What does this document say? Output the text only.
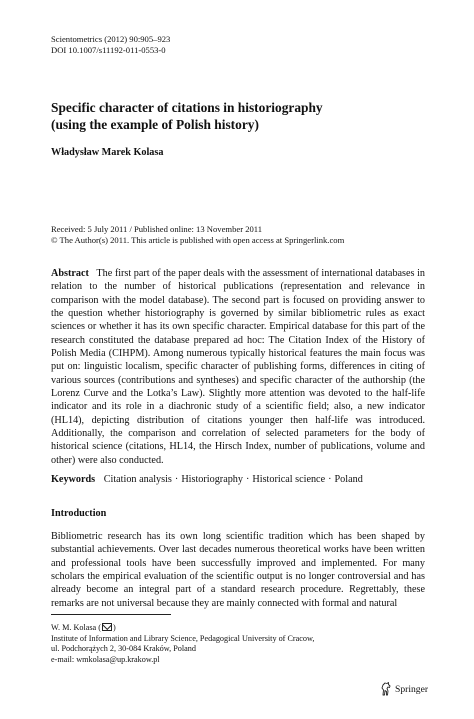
Scientometrics (2012) 90:905–923
DOI 10.1007/s11192-011-0553-0
Specific character of citations in historiography
(using the example of Polish history)
Władysław Marek Kolasa
Received: 5 July 2011 / Published online: 13 November 2011
© The Author(s) 2011. This article is published with open access at Springerlink.com
Abstract The first part of the paper deals with the assessment of international databases in relation to the number of historical publications (representation and relevance in comparison with the model database). The second part is focused on providing answer to the question whether historiography is governed by similar bibliometric rules as exact sciences or whether it has its own specific character. Empirical database for this part of the research constituted the database prepared ad hoc: The Citation Index of the History of Polish Media (CIHPM). Among numerous typically historical features the main focus was put on: linguistic localism, specific character of publishing forms, differences in citing of various sources (contributions and syntheses) and specific character of the authorship (the Lorenz Curve and the Lotka’s Law). Slightly more attention was devoted to the half-life indicator and its role in a diachronic study of a scientific field; also, a new indicator (HL14), depicting distribution of citations younger then half-life was introduced. Additionally, the comparison and correlation of selected parameters for the body of historical science (citations, HL14, the Hirsch Index, number of publications, volume and other) were also conducted.
Keywords Citation analysis · Historiography · Historical science · Poland
Introduction
Bibliometric research has its own long scientific tradition which has been shaped by substantial achievements. Over last decades numerous theoretical works have been written and professional tools have been successfully improved and implemented. For many scholars the empirical evaluation of the scientific output is no longer controversial and has already become an integral part of a standard research procedure. Regrettably, these remarks are not universal because they are mainly connected with formal and natural
W. M. Kolasa ( )
Institute of Information and Library Science, Pedagogical University of Cracow,
ul. Podchorążych 2, 30-084 Kraków, Poland
e-mail: wmkolasa@up.krakow.pl
Springer
